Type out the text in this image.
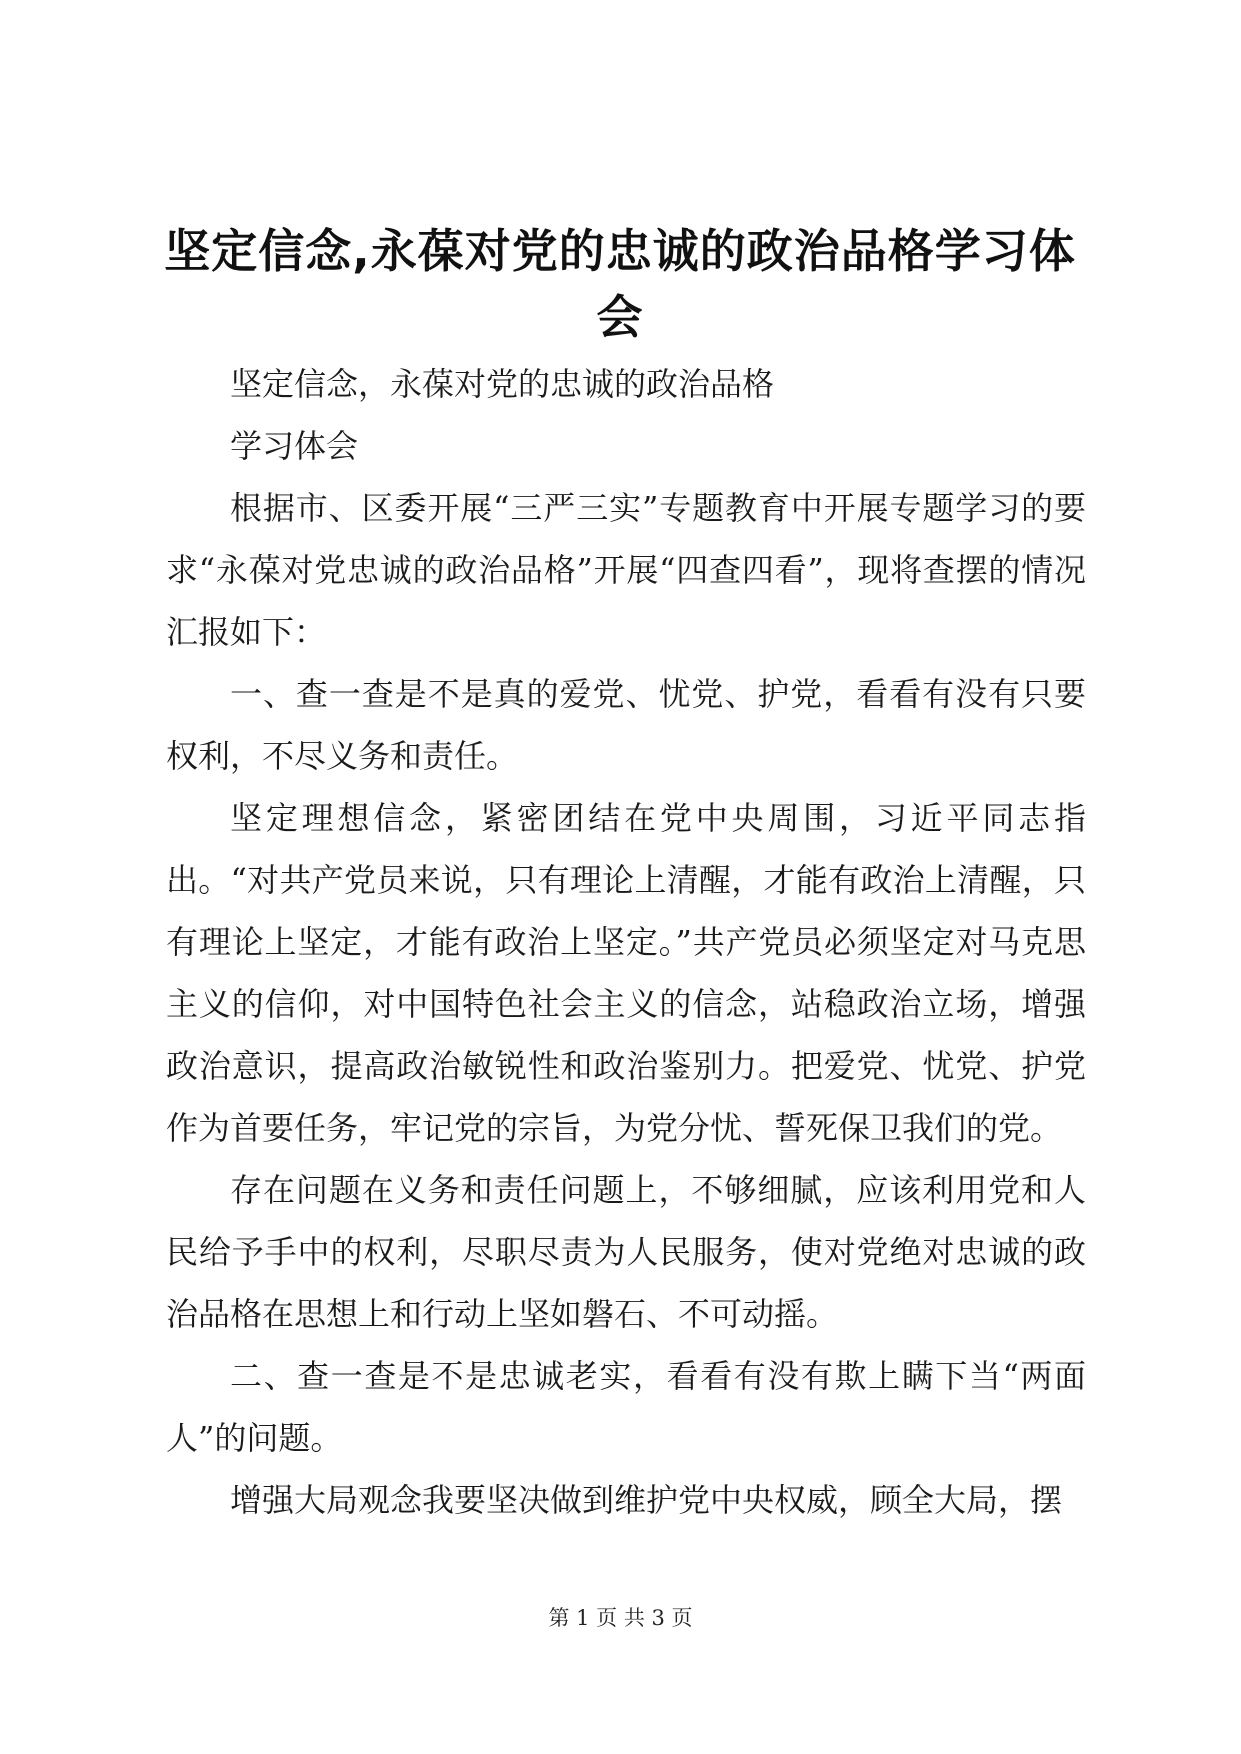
坚定信念,永葆对党的忠诚的政治品格学习体会

坚定信念，永葆对党的忠诚的政治品格

学习体会

根据市、区委开展“三严三实”专题教育中开展专题学习的要求“永葆对党忠诚的政治品格”开展“四查四看”，现将查摆的情况汇报如下：

一、查一查是不是真的爱党、忧党、护党，看看有没有只要权利，不尽义务和责任。

坚定理想信念，紧密团结在党中央周围，习近平同志指出。“对共产党员来说，只有理论上清醒，才能有政治上清醒，只有理论上坚定，才能有政治上坚定。”共产党员必须坚定对马克思主义的信仰，对中国特色社会主义的信念，站稳政治立场，增强政治意识，提高政治敏锐性和政治鉴别力。把爱党、忧党、护党作为首要任务，牢记党的宗旨，为党分忧、誓死保卫我们的党。

存在问题在义务和责任问题上，不够细腻，应该利用党和人民给予手中的权利，尽职尽责为人民服务，使对党绝对忠诚的政治品格在思想上和行动上坚如磐石、不可动摇。

二、查一查是不是忠诚老实，看看有没有欺上瞒下当“两面人”的问题。

增强大局观念我要坚决做到维护党中央权威，顾全大局，摆

第 1 页 共 3 页
